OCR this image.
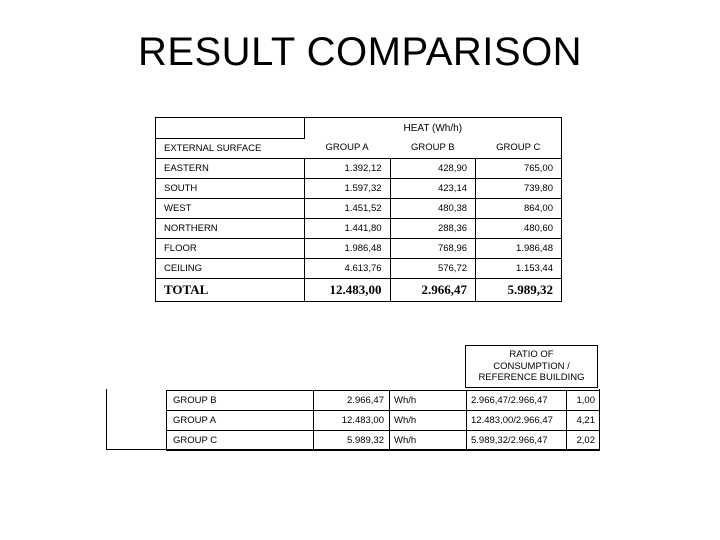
RESULT COMPARISON
	HEAT (Wh/h)		
EXTERNAL SURFACE	GROUP A	GROUP B	GROUP C
EASTERN	1.392,12	428,90	765,00
SOUTH	1.597,32	423,14	739,80
WEST	1.451,52	480,38	864,00
NORTHERN	1.441,80	288,36	480,60
FLOOR	1.986,48	768,96	1.986,48
CEILING	4.613,76	576,72	1.153,44
TOTAL	12.483,00	2.966,47	5.989,32
RATIO OF
CONSUMPTION /
REFERENCE BUILDING
GROUP B	2.966,47	Wh/h	2.966,47/2.966,47	1,00
GROUP A	12.483,00	Wh/h	12.483,00/2.966,47	4,21
GROUP C	5.989,32	Wh/h	5.989,32/2.966,47	2,02
